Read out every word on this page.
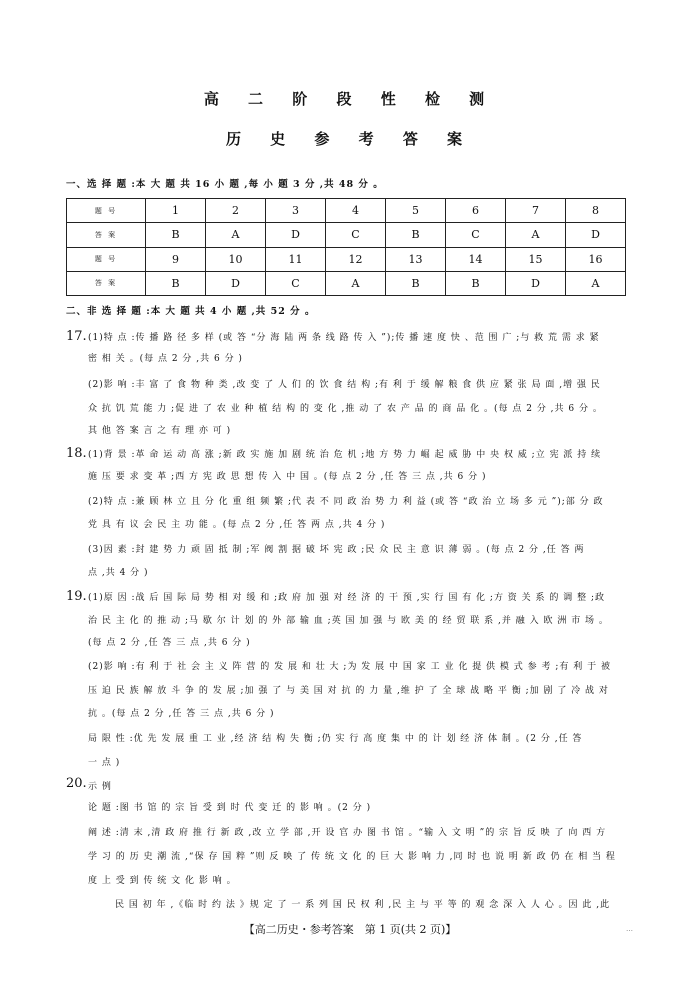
高 二 阶 段 性 检 测
历 史 参 考 答 案
一、选 择 题 :本 大 题 共 16 小 题 ,每 小 题 3 分 ,共 48 分 。
题 号	1	2	3	4	5	6	7	8
答 案	B	A	D	C	B	C	A	D
题 号	9	10	11	12	13	14	15	16
答 案	B	D	C	A	B	B	D	A
二、非 选 择 题 :本 大 题 共 4 小 题 ,共 52 分 。
17. (1)特 点 :传 播 路 径 多 样 (或 答 “分 海 陆 两 条 线 路 传 入 ”);传 播 速 度 快 、范 围 广 ;与 救 荒 需 求 紧
密 相 关 。(每 点 2 分 ,共 6 分 )
(2)影 响 :丰 富 了 食 物 种 类 ,改 变 了 人 们 的 饮 食 结 构 ;有 利 于 缓 解 粮 食 供 应 紧 张 局 面 ,增 强 民
众 抗 饥 荒 能 力 ;促 进 了 农 业 种 植 结 构 的 变 化 ,推 动 了 农 产 品 的 商 品 化 。(每 点 2 分 ,共 6 分 。
其 他 答 案 言 之 有 理 亦 可 )
18. (1)背 景 :革 命 运 动 高 涨 ;新 政 实 施 加 剧 统 治 危 机 ;地 方 势 力 崛 起 威 胁 中 央 权 威 ;立 宪 派 持 续
施 压 要 求 变 革 ;西 方 宪 政 思 想 传 入 中 国 。(每 点 2 分 ,任 答 三 点 ,共 6 分 )
(2)特 点 :兼 顾 林 立 且 分 化 重 组 频 繁 ;代 表 不 同 政 治 势 力 利 益 (或 答 “政 治 立 场 多 元 ”);部 分 政
党 具 有 议 会 民 主 功 能 。(每 点 2 分 ,任 答 两 点 ,共 4 分 )
(3)因 素 :封 建 势 力 顽 固 抵 制 ;军 阀 割 据 破 坏 宪 政 ;民 众 民 主 意 识 薄 弱 。(每 点 2 分 ,任 答 两
点 ,共 4 分 )
19. (1)原 因 :战 后 国 际 局 势 相 对 缓 和 ;政 府 加 强 对 经 济 的 干 预 ,实 行 国 有 化 ;方 资 关 系 的 调 整 ;政
治 民 主 化 的 推 动 ;马 歇 尔 计 划 的 外 部 输 血 ;英 国 加 强 与 欧 美 的 经 贸 联 系 ,并 融 入 欧 洲 市 场 。
(每 点 2 分 ,任 答 三 点 ,共 6 分 )
(2)影 响 :有 利 于 社 会 主 义 阵 营 的 发 展 和 壮 大 ;为 发 展 中 国 家 工 业 化 提 供 模 式 参 考 ;有 利 于 被
压 迫 民 族 解 放 斗 争 的 发 展 ;加 强 了 与 美 国 对 抗 的 力 量 ,维 护 了 全 球 战 略 平 衡 ;加 剧 了 冷 战 对
抗 。(每 点 2 分 ,任 答 三 点 ,共 6 分 )
局 限 性 :优 先 发 展 重 工 业 ,经 济 结 构 失 衡 ;仍 实 行 高 度 集 中 的 计 划 经 济 体 制 。(2 分 ,任 答
一 点 )
20. 示 例
论 题 :图 书 馆 的 宗 旨 受 到 时 代 变 迁 的 影 响 。(2 分 )
阐 述 :清 末 ,清 政 府 推 行 新 政 ,改 立 学 部 ,开 设 官 办 图 书 馆 。“输 入 文 明 ”的 宗 旨 反 映 了 向 西 方
学 习 的 历 史 潮 流 ,“保 存 国 粹 ”则 反 映 了 传 统 文 化 的 巨 大 影 响 力 ,同 时 也 说 明 新 政 仍 在 相 当 程
度 上 受 到 传 统 文 化 影 响 。
民 国 初 年 ,《临 时 约 法 》规 定 了 一 系 列 国 民 权 利 ,民 主 与 平 等 的 观 念 深 入 人 心 。因 此 ,此
【高二历史・参考答案　第 1 页(共 2 页)】	…
